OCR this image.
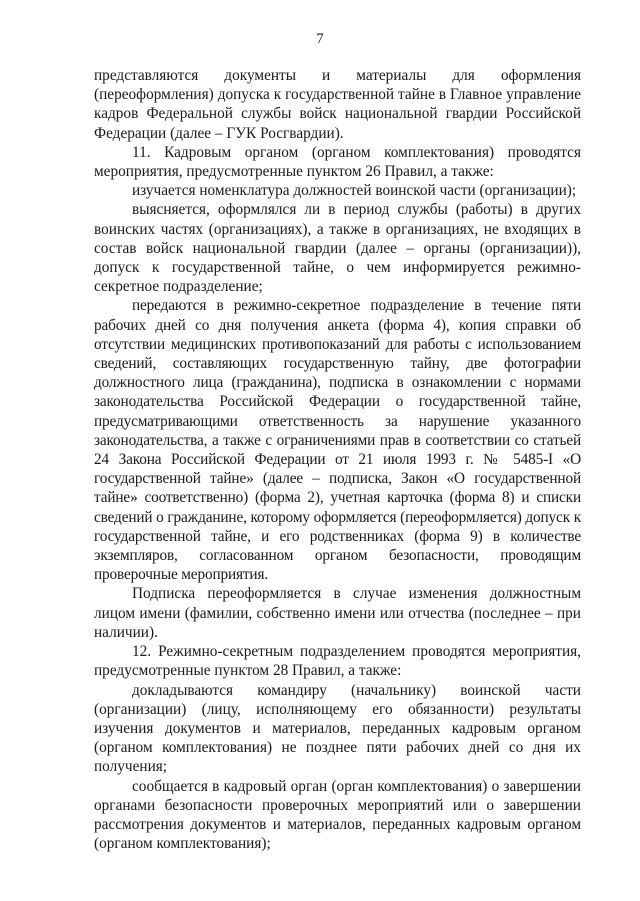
7

представляются документы и материалы для оформления (переоформления) допуска к государственной тайне в Главное управление кадров Федеральной службы войск национальной гвардии Российской Федерации (далее – ГУК Росгвардии).

11. Кадровым органом (органом комплектования) проводятся мероприятия, предусмотренные пунктом 26 Правил, а также:

изучается номенклатура должностей воинской части (организации);

выясняется, оформлялся ли в период службы (работы) в других воинских частях (организациях), а также в организациях, не входящих в состав войск национальной гвардии (далее – органы (организации)), допуск к государственной тайне, о чем информируется режимно-секретное подразделение;

передаются в режимно-секретное подразделение в течение пяти рабочих дней со дня получения анкета (форма 4), копия справки об отсутствии медицинских противопоказаний для работы с использованием сведений, составляющих государственную тайну, две фотографии должностного лица (гражданина), подписка в ознакомлении с нормами законодательства Российской Федерации о государственной тайне, предусматривающими ответственность за нарушение указанного законодательства, а также с ограничениями прав в соответствии со статьей 24 Закона Российской Федерации от 21 июля 1993 г. № 5485-I «О государственной тайне» (далее – подписка, Закон «О государственной тайне» соответственно) (форма 2), учетная карточка (форма 8) и списки сведений о гражданине, которому оформляется (переоформляется) допуск к государственной тайне, и его родственниках (форма 9) в количестве экземпляров, согласованном органом безопасности, проводящим проверочные мероприятия.

Подписка переоформляется в случае изменения должностным лицом имени (фамилии, собственно имени или отчества (последнее – при наличии).

12. Режимно-секретным подразделением проводятся мероприятия, предусмотренные пунктом 28 Правил, а также:

докладываются командиру (начальнику) воинской части (организации) (лицу, исполняющему его обязанности) результаты изучения документов и материалов, переданных кадровым органом (органом комплектования) не позднее пяти рабочих дней со дня их получения;

сообщается в кадровый орган (орган комплектования) о завершении органами безопасности проверочных мероприятий или о завершении рассмотрения документов и материалов, переданных кадровым органом (органом комплектования);
